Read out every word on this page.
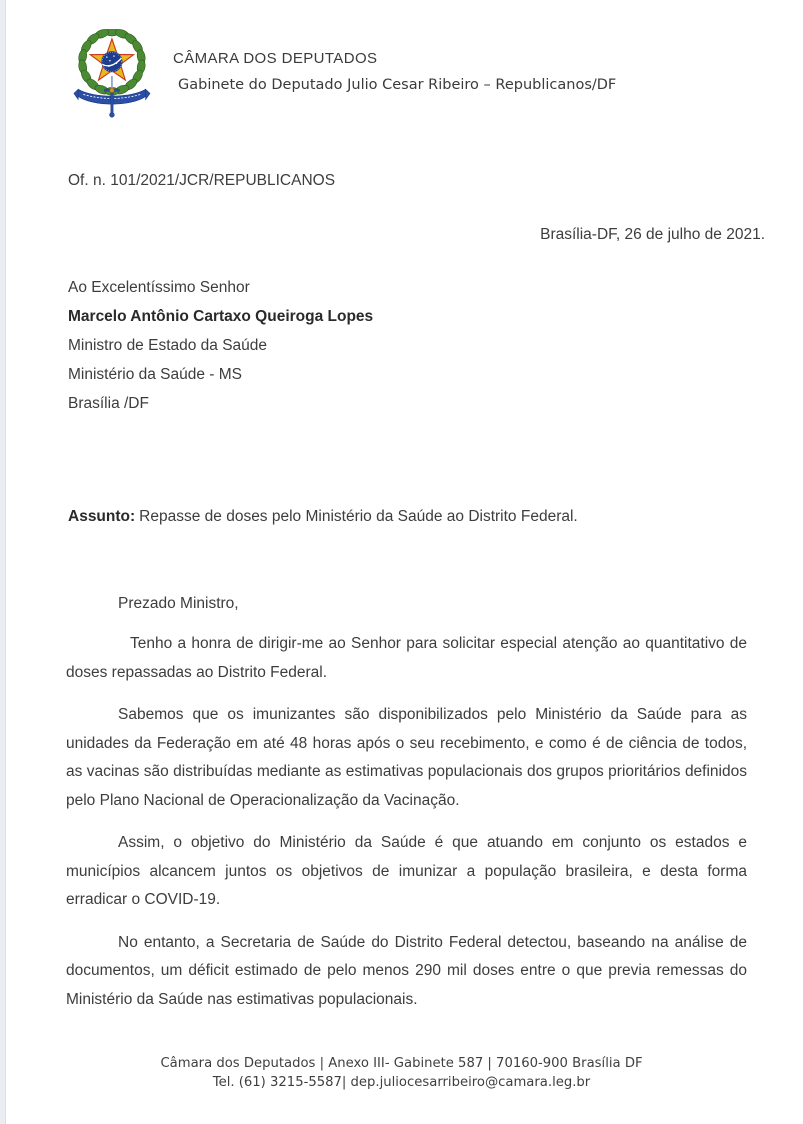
CÂMARA DOS DEPUTADOS
Gabinete do Deputado Julio Cesar Ribeiro – Republicanos/DF
Of. n. 101/2021/JCR/REPUBLICANOS
Brasília-DF, 26 de julho de 2021.
Ao Excelentíssimo Senhor
Marcelo Antônio Cartaxo Queiroga Lopes
Ministro de Estado da Saúde
Ministério da Saúde - MS
Brasília /DF
Assunto: Repasse de doses pelo Ministério da Saúde ao Distrito Federal.
Prezado Ministro,

Tenho a honra de dirigir-me ao Senhor para solicitar especial atenção ao quantitativo de doses repassadas ao Distrito Federal.

Sabemos que os imunizantes são disponibilizados pelo Ministério da Saúde para as unidades da Federação em até 48 horas após o seu recebimento, e como é de ciência de todos, as vacinas são distribuídas mediante as estimativas populacionais dos grupos prioritários definidos pelo Plano Nacional de Operacionalização da Vacinação.

Assim, o objetivo do Ministério da Saúde é que atuando em conjunto os estados e municípios alcancem juntos os objetivos de imunizar a população brasileira, e desta forma erradicar o COVID-19.

No entanto, a Secretaria de Saúde do Distrito Federal detectou, baseando na análise de documentos, um déficit estimado de pelo menos 290 mil doses entre o que previa remessas do Ministério da Saúde nas estimativas populacionais.

Câmara dos Deputados | Anexo III- Gabinete 587 | 70160-900 Brasília DF
Tel. (61) 3215-5587| dep.juliocesarribeiro@camara.leg.br
